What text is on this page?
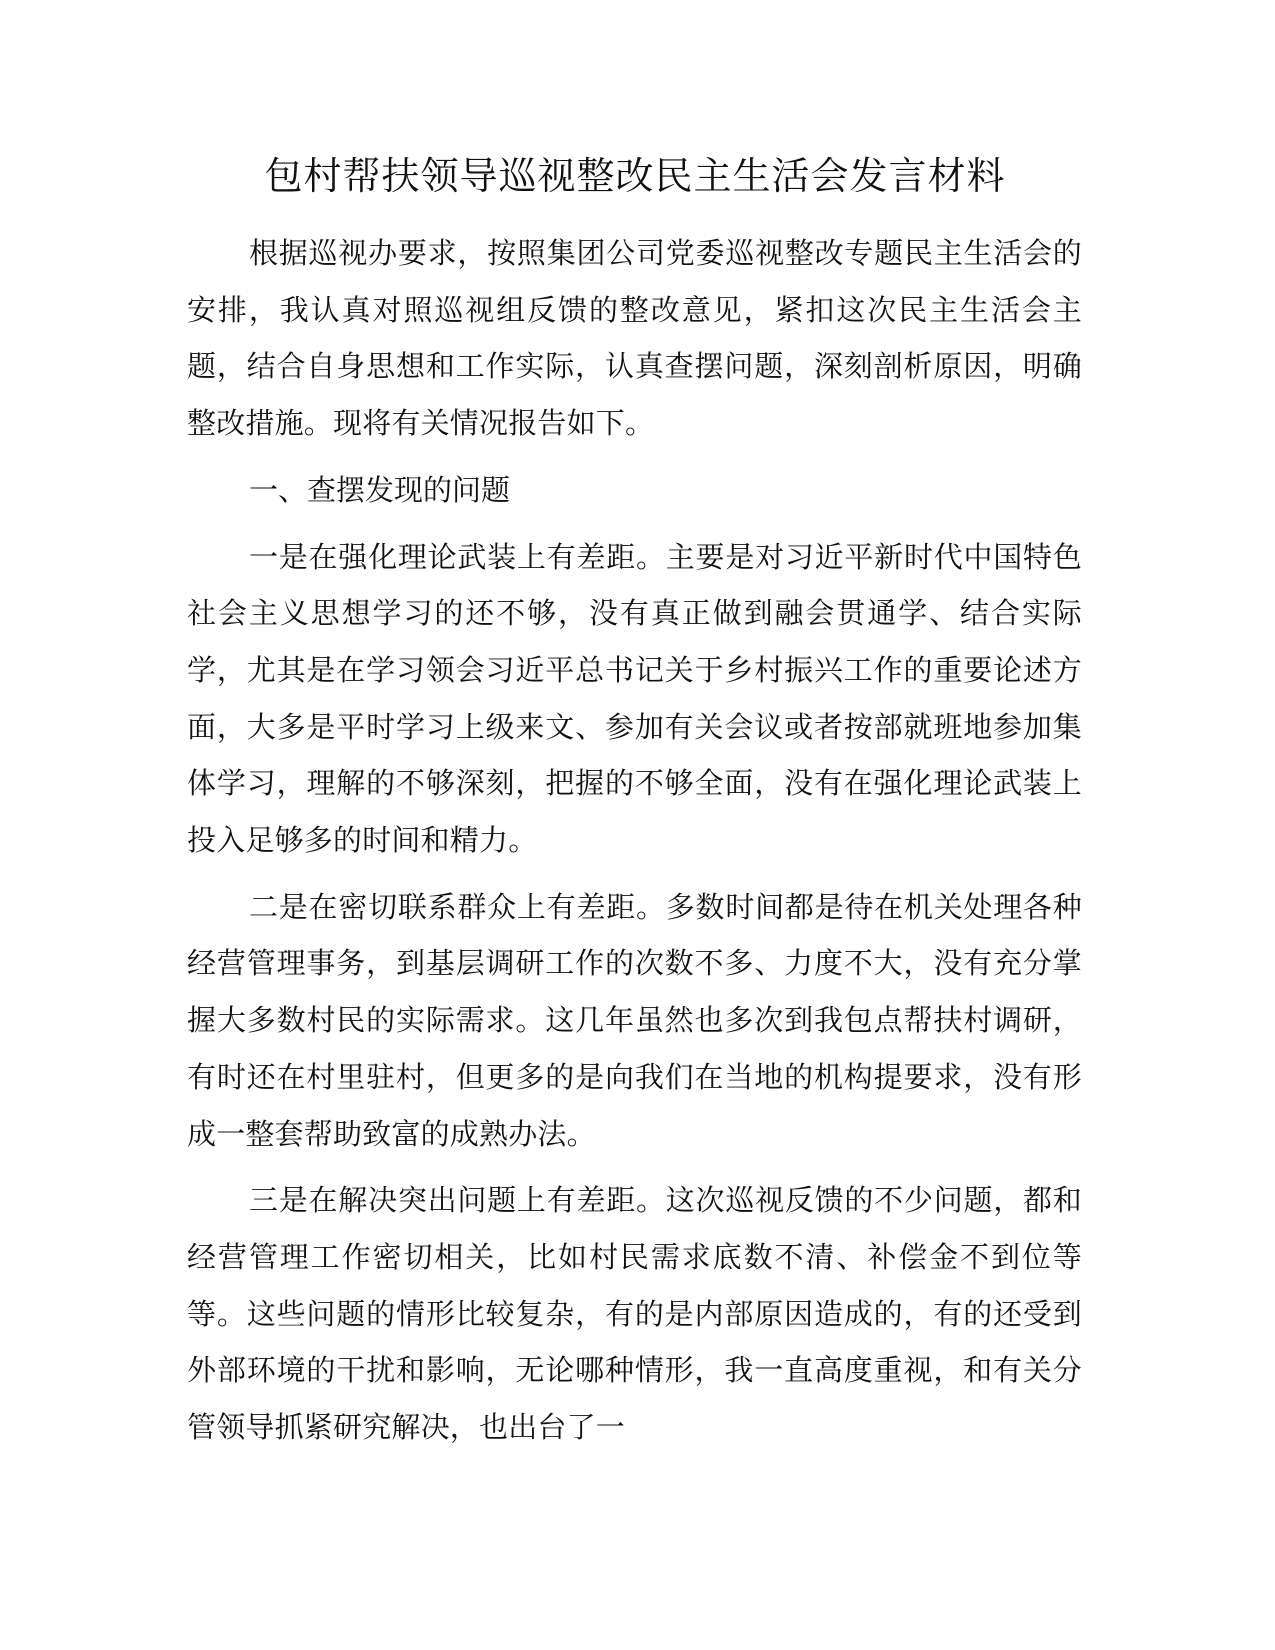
包村帮扶领导巡视整改民主生活会发言材料

根据巡视办要求，按照集团公司党委巡视整改专题民主生活会的安排，我认真对照巡视组反馈的整改意见，紧扣这次民主生活会主题，结合自身思想和工作实际，认真查摆问题，深刻剖析原因，明确整改措施。现将有关情况报告如下。

一、查摆发现的问题

一是在强化理论武装上有差距。主要是对习近平新时代中国特色社会主义思想学习的还不够，没有真正做到融会贯通学、结合实际学，尤其是在学习领会习近平总书记关于乡村振兴工作的重要论述方面，大多是平时学习上级来文、参加有关会议或者按部就班地参加集体学习，理解的不够深刻，把握的不够全面，没有在强化理论武装上投入足够多的时间和精力。

二是在密切联系群众上有差距。多数时间都是待在机关处理各种经营管理事务，到基层调研工作的次数不多、力度不大，没有充分掌握大多数村民的实际需求。这几年虽然也多次到我包点帮扶村调研，有时还在村里驻村，但更多的是向我们在当地的机构提要求，没有形成一整套帮助致富的成熟办法。

三是在解决突出问题上有差距。这次巡视反馈的不少问题，都和经营管理工作密切相关，比如村民需求底数不清、补偿金不到位等等。这些问题的情形比较复杂，有的是内部原因造成的，有的还受到外部环境的干扰和影响，无论哪种情形，我一直高度重视，和有关分管领导抓紧研究解决，也出台了一
